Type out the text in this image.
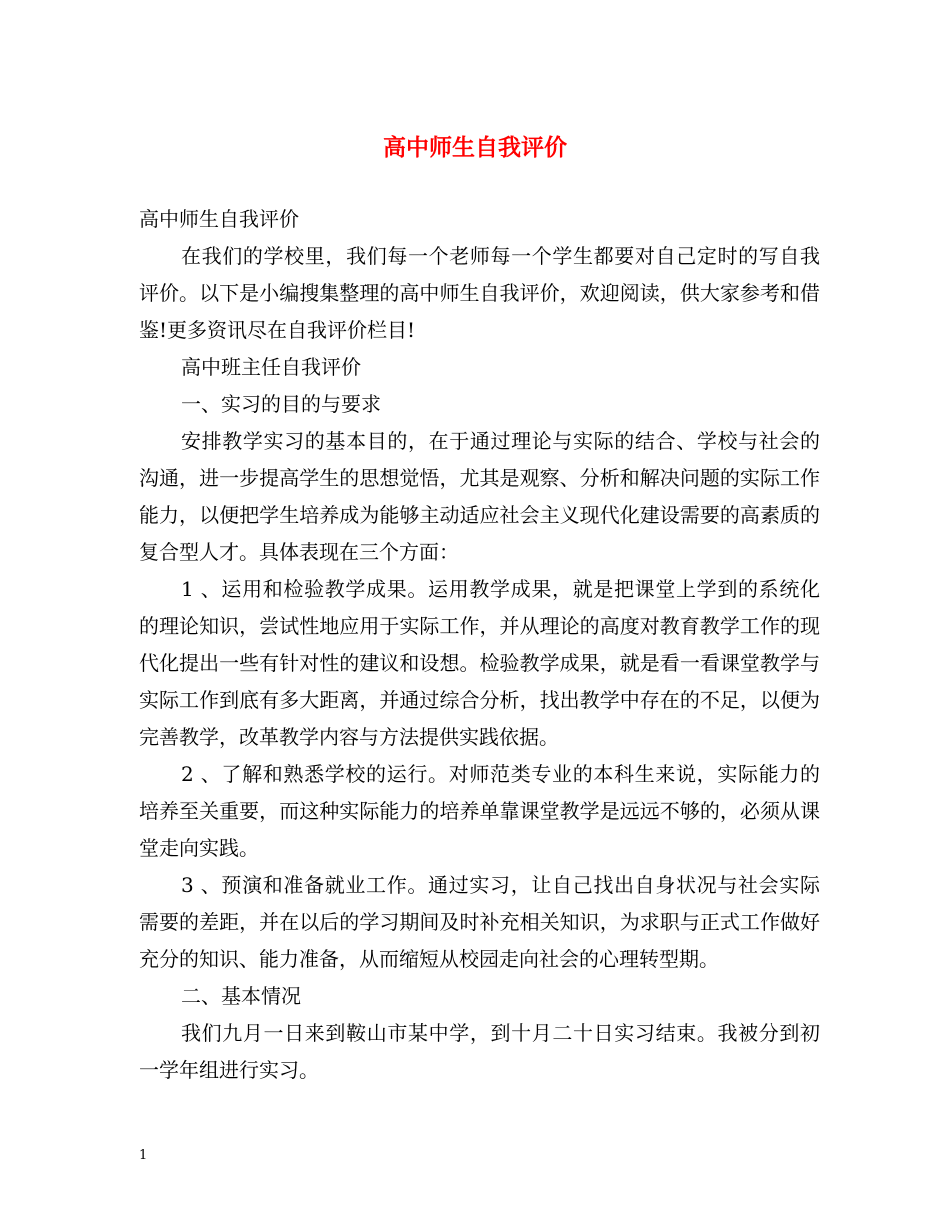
高中师生自我评价

高中师生自我评价

在我们的学校里，我们每一个老师每一个学生都要对自己定时的写自我评价。以下是小编搜集整理的高中师生自我评价，欢迎阅读，供大家参考和借鉴!更多资讯尽在自我评价栏目!

高中班主任自我评价

一、实习的目的与要求

安排教学实习的基本目的，在于通过理论与实际的结合、学校与社会的沟通，进一步提高学生的思想觉悟，尤其是观察、分析和解决问题的实际工作能力，以便把学生培养成为能够主动适应社会主义现代化建设需要的高素质的复合型人才。具体表现在三个方面：

1 、运用和检验教学成果。运用教学成果，就是把课堂上学到的系统化的理论知识，尝试性地应用于实际工作，并从理论的高度对教育教学工作的现代化提出一些有针对性的建议和设想。检验教学成果，就是看一看课堂教学与实际工作到底有多大距离，并通过综合分析，找出教学中存在的不足，以便为完善教学，改革教学内容与方法提供实践依据。

2 、了解和熟悉学校的运行。对师范类专业的本科生来说，实际能力的培养至关重要，而这种实际能力的培养单靠课堂教学是远远不够的，必须从课堂走向实践。

3 、预演和准备就业工作。通过实习，让自己找出自身状况与社会实际需要的差距，并在以后的学习期间及时补充相关知识，为求职与正式工作做好充分的知识、能力准备，从而缩短从校园走向社会的心理转型期。

二、基本情况

我们九月一日来到鞍山市某中学，到十月二十日实习结束。我被分到初一学年组进行实习。

1
